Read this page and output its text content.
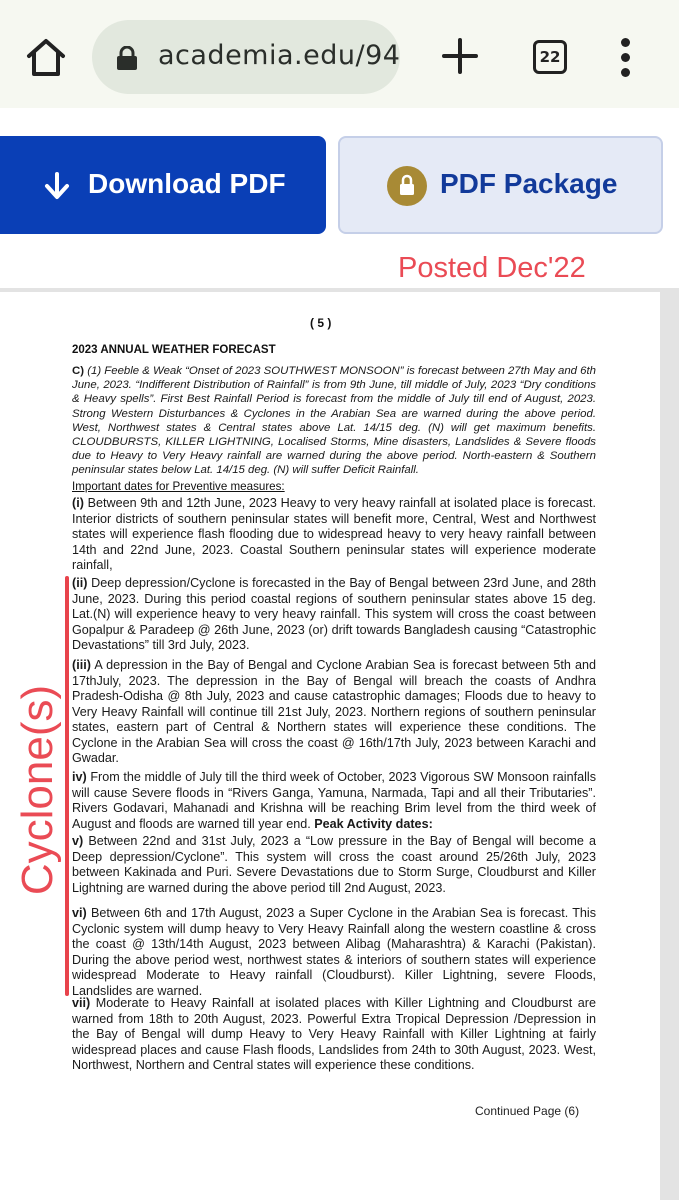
academia.edu/94	22
Download PDF	PDF Package
Posted Dec'22
( 5 )
2023 ANNUAL WEATHER FORECAST
C) (1) Feeble & Weak “Onset of 2023 SOUTHWEST MONSOON” is forecast between 27th May and 6th June, 2023. “Indifferent Distribution of Rainfall” is from 9th June, till middle of July, 2023 “Dry conditions & Heavy spells”. First Best Rainfall Period is forecast from the middle of July till end of August, 2023. Strong Western Disturbances & Cyclones in the Arabian Sea are warned during the above period. West, Northwest states & Central states above Lat. 14/15 deg. (N) will get maximum benefits. CLOUDBURSTS, KILLER LIGHTNING, Localised Storms, Mine disasters, Landslides & Severe floods due to Heavy to Very Heavy rainfall are warned during the above period. North-eastern & Southern peninsular states below Lat. 14/15 deg. (N) will suffer Deficit Rainfall.
Important dates for Preventive measures:
(i) Between 9th and 12th June, 2023 Heavy to very heavy rainfall at isolated place is forecast. Interior districts of southern peninsular states will benefit more, Central, West and Northwest states will experience flash flooding due to widespread heavy to very heavy rainfall between 14th and 22nd June, 2023. Coastal Southern peninsular states will experience moderate rainfall,
(ii) Deep depression/Cyclone is forecasted in the Bay of Bengal between 23rd June, and 28th June, 2023. During this period coastal regions of southern peninsular states above 15 deg. Lat.(N) will experience heavy to very heavy rainfall. This system will cross the coast between Gopalpur & Paradeep @ 26th June, 2023 (or) drift towards Bangladesh causing “Catastrophic Devastations” till 3rd July, 2023.
(iii) A depression in the Bay of Bengal and Cyclone Arabian Sea is forecast between 5th and 17thJuly, 2023. The depression in the Bay of Bengal will breach the coasts of Andhra Pradesh-Odisha @ 8th July, 2023 and cause catastrophic damages; Floods due to heavy to Very Heavy Rainfall will continue till 21st July, 2023. Northern regions of southern peninsular states, eastern part of Central & Northern states will experience these conditions. The Cyclone in the Arabian Sea will cross the coast @ 16th/17th July, 2023 between Karachi and Gwadar.
iv) From the middle of July till the third week of October, 2023 Vigorous SW Monsoon rainfalls will cause Severe floods in “Rivers Ganga, Yamuna, Narmada, Tapi and all their Tributaries”. Rivers Godavari, Mahanadi and Krishna will be reaching Brim level from the third week of August and floods are warned till year end. Peak Activity dates:
v) Between 22nd and 31st July, 2023 a “Low pressure in the Bay of Bengal will become a Deep depression/Cyclone”. This system will cross the coast around 25/26th July, 2023 between Kakinada and Puri. Severe Devastations due to Storm Surge, Cloudburst and Killer Lightning are warned during the above period till 2nd August, 2023.
vi) Between 6th and 17th August, 2023 a Super Cyclone in the Arabian Sea is forecast. This Cyclonic system will dump heavy to Very Heavy Rainfall along the western coastline & cross the coast @ 13th/14th August, 2023 between Alibag (Maharashtra) & Karachi (Pakistan). During the above period west, northwest states & interiors of southern states will experience widespread Moderate to Heavy rainfall (Cloudburst). Killer Lightning, severe Floods, Landslides are warned.
vii) Moderate to Heavy Rainfall at isolated places with Killer Lightning and Cloudburst are warned from 18th to 20th August, 2023. Powerful Extra Tropical Depression /Depression in the Bay of Bengal will dump Heavy to Very Heavy Rainfall with Killer Lightning at fairly widespread places and cause Flash floods, Landslides from 24th to 30th August, 2023. West, Northwest, Northern and Central states will experience these conditions.
Continued Page (6)
Cyclone(s)
